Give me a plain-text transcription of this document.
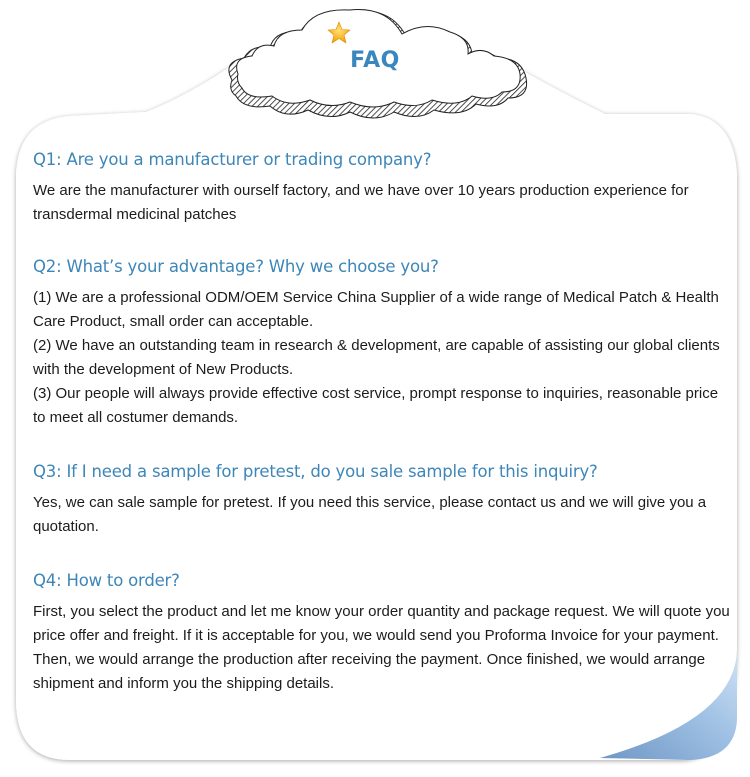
FAQ
Q1: Are you a manufacturer or trading company?

We are the manufacturer with ourself factory, and we have over 10 years production experience for transdermal medicinal patches

Q2: What’s your advantage? Why we choose you?

(1) We are a professional ODM/OEM Service China Supplier of a wide range of Medical Patch & Health Care Product, small order can acceptable.

(2) We have an outstanding team in research & development, are capable of assisting our global clients with the development of New Products.

(3) Our people will always provide effective cost service, prompt response to inquiries, reasonable price to meet all costumer demands.

Q3: If I need a sample for pretest, do you sale sample for this inquiry?

Yes, we can sale sample for pretest. If you need this service, please contact us and we will give you a quotation.

Q4: How to order?

First, you select the product and let me know your order quantity and package request. We will quote you price offer and freight. If it is acceptable for you, we would send you Proforma Invoice for your payment. Then, we would arrange the production after receiving the payment. Once finished, we would arrange shipment and inform you the shipping details.
